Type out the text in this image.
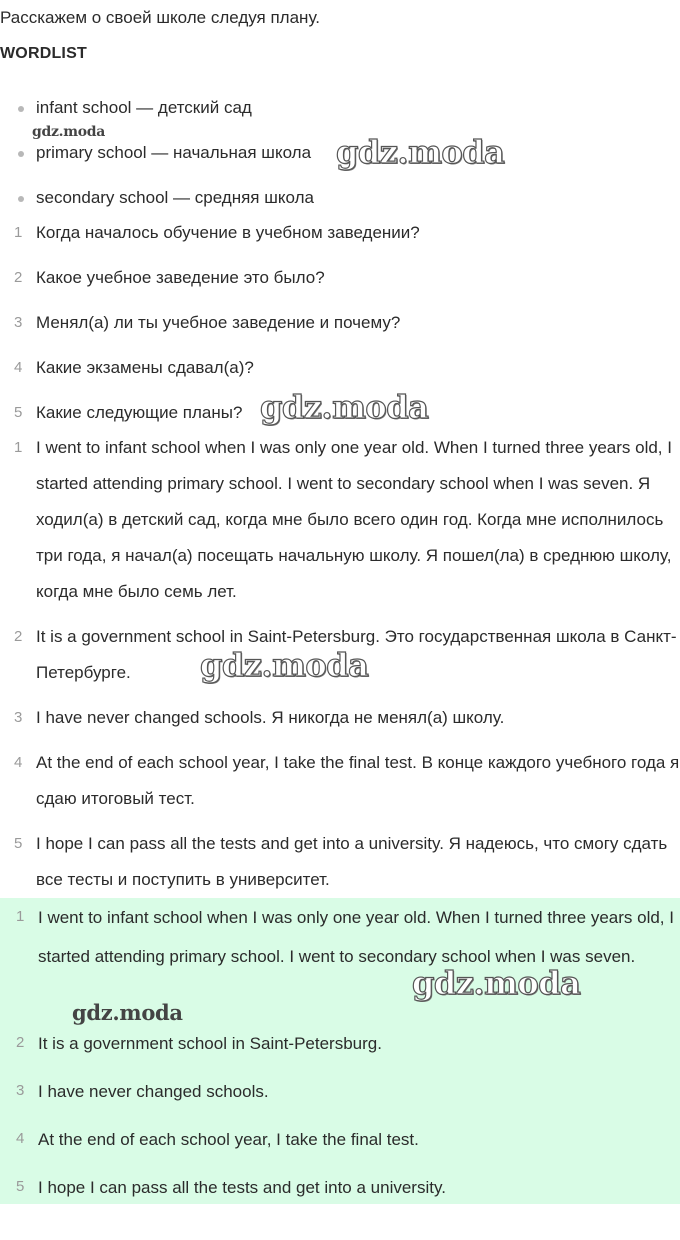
Расскажем о своей школе следуя плану.
WORDLIST
infant school — детский сад
primary school — начальная школа
secondary school — средняя школа
1 Когда началось обучение в учебном заведении?
2 Какое учебное заведение это было?
3 Менял(а) ли ты учебное заведение и почему?
4 Какие экзамены сдавал(а)?
5 Какие следующие планы?
1 I went to infant school when I was only one year old. When I turned three years old, I started attending primary school. I went to secondary school when I was seven. Я ходил(а) в детский сад, когда мне было всего один год. Когда мне исполнилось три года, я начал(а) посещать начальную школу. Я пошел(ла) в среднюю школу, когда мне было семь лет.
2 It is a government school in Saint-Petersburg. Это государственная школа в Санкт-Петербурге.
3 I have never changed schools. Я никогда не менял(а) школу.
4 At the end of each school year, I take the final test. В конце каждого учебного года я сдаю итоговый тест.
5 I hope I can pass all the tests and get into a university. Я надеюсь, что смогу сдать все тесты и поступить в университет.
1 I went to infant school when I was only one year old. When I turned three years old, I started attending primary school. I went to secondary school when I was seven.
2 It is a government school in Saint-Petersburg.
3 I have never changed schools.
4 At the end of each school year, I take the final test.
5 I hope I can pass all the tests and get into a university.
gdz.moda
gdz.moda
gdz.moda
gdz.moda
gdz.moda
gdz.moda
